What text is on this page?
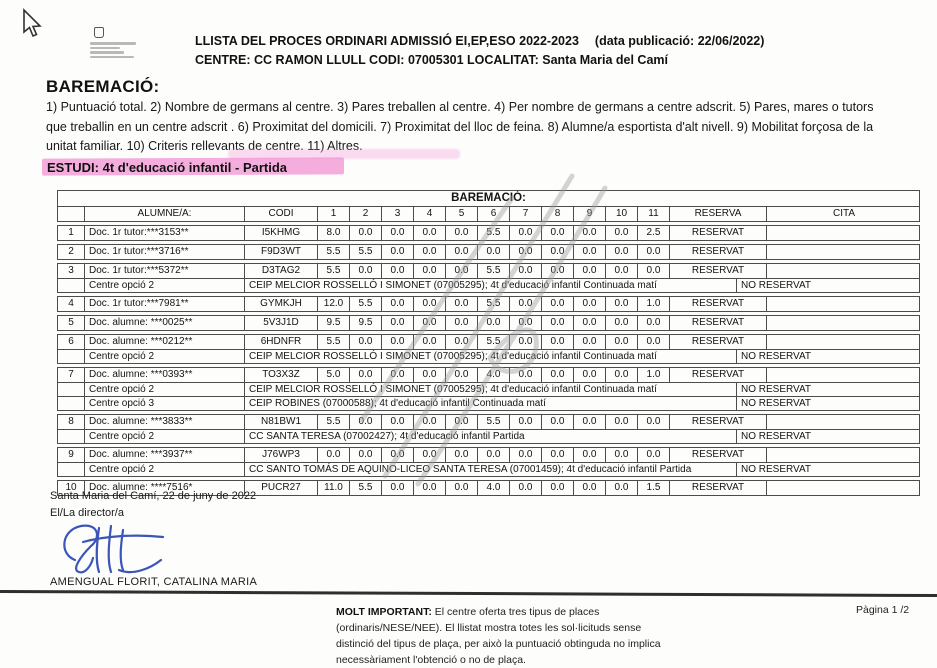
LLISTA DEL PROCES ORDINARI ADMISSIÓ EI,EP,ESO 2022-2023 (data publicació: 22/06/2022)
CENTRE: CC RAMON LLULL CODI: 07005301 LOCALITAT: Santa Maria del Camí
BAREMACIÓ:
1) Puntuació total. 2) Nombre de germans al centre. 3) Pares treballen al centre. 4) Per nombre de germans a centre adscrit. 5) Pares, mares o tutors que treballin en un centre adscrit . 6) Proximitat del domicili. 7) Proximitat del lloc de feina. 8) Alumne/a esportista d'alt nivell. 9) Mobilitat forçosa de la unitat familiar. 10) Criteris rellevants de centre. 11) Altres.
ESTUDI: 4t d'educació infantil - Partida
BAREMACIÓ:
ALUMNE/A:	CODI	1	2	3	4	5	6	7	8	9	10	11	RESERVA	CITA
1	Doc. 1r tutor:***3153**	I5KHMG	8.0	0.0	0.0	0.0	0.0	5.5	0.0	0.0	0.0	0.0	2.5	RESERVAT
2	Doc. 1r tutor:***3716**	F9D3WT	5.5	5.5	0.0	0.0	0.0	0.0	0.0	0.0	0.0	0.0	0.0	RESERVAT
3	Doc. 1r tutor:***5372**	D3TAG2	5.5	0.0	0.0	0.0	0.0	5.5	0.0	0.0	0.0	0.0	0.0	RESERVAT
Centre opció 2	CEIP MELCIOR ROSSELLÓ I SIMONET (07005295); 4t d'educació infantil Continuada matí	NO RESERVAT
4	Doc. 1r tutor:***7981**	GYMKJH	12.0	5.5	0.0	0.0	0.0	5.5	0.0	0.0	0.0	0.0	1.0	RESERVAT
5	Doc. alumne: ***0025**	5V3J1D	9.5	9.5	0.0	0.0	0.0	0.0	0.0	0.0	0.0	0.0	0.0	RESERVAT
6	Doc. alumne: ***0212**	6HDNFR	5.5	0.0	0.0	0.0	0.0	5.5	0.0	0.0	0.0	0.0	0.0	RESERVAT
Centre opció 2	CEIP MELCIOR ROSSELLÓ I SIMONET (07005295); 4t d'educació infantil Continuada matí	NO RESERVAT
7	Doc. alumne: ***0393**	TO3X3Z	5.0	0.0	0.0	0.0	0.0	4.0	0.0	0.0	0.0	0.0	1.0	RESERVAT
Centre opció 2	CEIP MELCIOR ROSSELLÓ I SIMONET (07005295); 4t d'educació infantil Continuada matí	NO RESERVAT
Centre opció 3	CEIP ROBINES (07000588); 4t d'educació infantil Continuada matí	NO RESERVAT
8	Doc. alumne: ***3833**	N81BW1	5.5	0.0	0.0	0.0	0.0	5.5	0.0	0.0	0.0	0.0	0.0	RESERVAT
Centre opció 2	CC SANTA TERESA (07002427); 4t d'educació infantil Partida	NO RESERVAT
9	Doc. alumne: ***3937**	J76WP3	0.0	0.0	0.0	0.0	0.0	0.0	0.0	0.0	0.0	0.0	0.0	RESERVAT
Centre opció 2	CC SANTO TOMÁS DE AQUINO-LICEO SANTA TERESA (07001459); 4t d'educació infantil Partida	NO RESERVAT
10	Doc. alumne: ****7516*	PUCR27	11.0	5.5	0.0	0.0	0.0	4.0	0.0	0.0	0.0	0.0	1.5	RESERVAT
Santa Maria del Camí, 22 de juny de 2022
El/La director/a
AMENGUAL FLORIT, CATALINA MARIA
MOLT IMPORTANT: El centre oferta tres tipus de places
(ordinaris/NESE/NEE). El llistat mostra totes les sol·licituds sense
distinció del tipus de plaça, per això la puntuació obtinguda no implica
necessàriament l'obtenció o no de plaça.
Pàgina 1 /2
